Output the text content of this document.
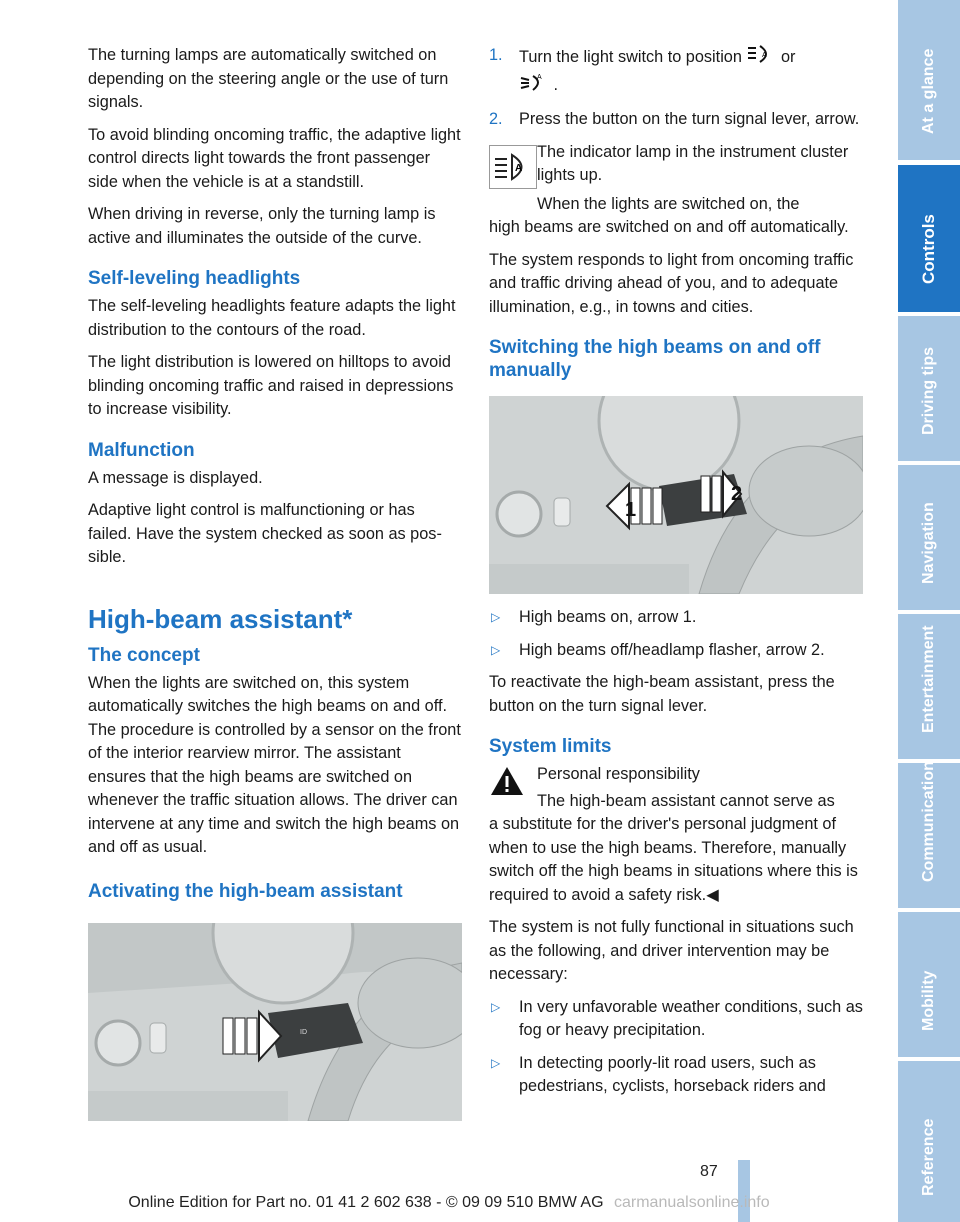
The turning lamps are automatically switched on depending on the steering angle or the use of turn signals.

To avoid blinding oncoming traffic, the adaptive light control directs light towards the front passenger side when the vehicle is at a standstill.

When driving in reverse, only the turning lamp is active and illuminates the outside of the curve.

Self-leveling headlights

The self-leveling headlights feature adapts the light distribution to the contours of the road.

The light distribution is lowered on hilltops to avoid blinding oncoming traffic and raised in depressions to increase visibility.

Malfunction

A message is displayed.

Adaptive light control is malfunctioning or has failed. Have the system checked as soon as possible.

High-beam assistant*
The concept

When the lights are switched on, this system automatically switches the high beams on and off. The procedure is controlled by a sensor on the front of the interior rearview mirror. The assistant ensures that the high beams are switched on whenever the traffic situation allows. The driver can intervene at any time and switch the high beams on and off as usual.

Activating the high-beam assistant
ID
1. Turn the light switch to position	A or

A .
2. Press the button on the turn signal lever, arrow.
A

The indicator lamp in the instrument cluster lights up.

When the lights are switched on, the

high beams are switched on and off automatically.

The system responds to light from oncoming traffic and traffic driving ahead of you, and to adequate illumination, e.g., in towns and cities.

Switching the high beams on and off manually
1
2
▷ High beams on, arrow 1.
▷ High beams off/headlamp flasher, arrow 2.

To reactivate the high-beam assistant, press the button on the turn signal lever.

System limits

Personal responsibility

The high-beam assistant cannot serve as

a substitute for the driver's personal judgment of when to use the high beams. Therefore, manually switch off the high beams in situations where this is required to avoid a safety risk.◀

The system is not fully functional in situations such as the following, and driver intervention may be necessary:

▷ In very unfavorable weather conditions, such as fog or heavy precipitation.
▷ In detecting poorly-lit road users, such as pedestrians, cyclists, horseback riders and
At a glance
Controls
Driving tips
Navigation
Entertainment
Communication
Mobility
Reference
87
Online Edition for Part no. 01 41 2 602 638 - © 09 09 510 BMW AG carmanualsonline.info
